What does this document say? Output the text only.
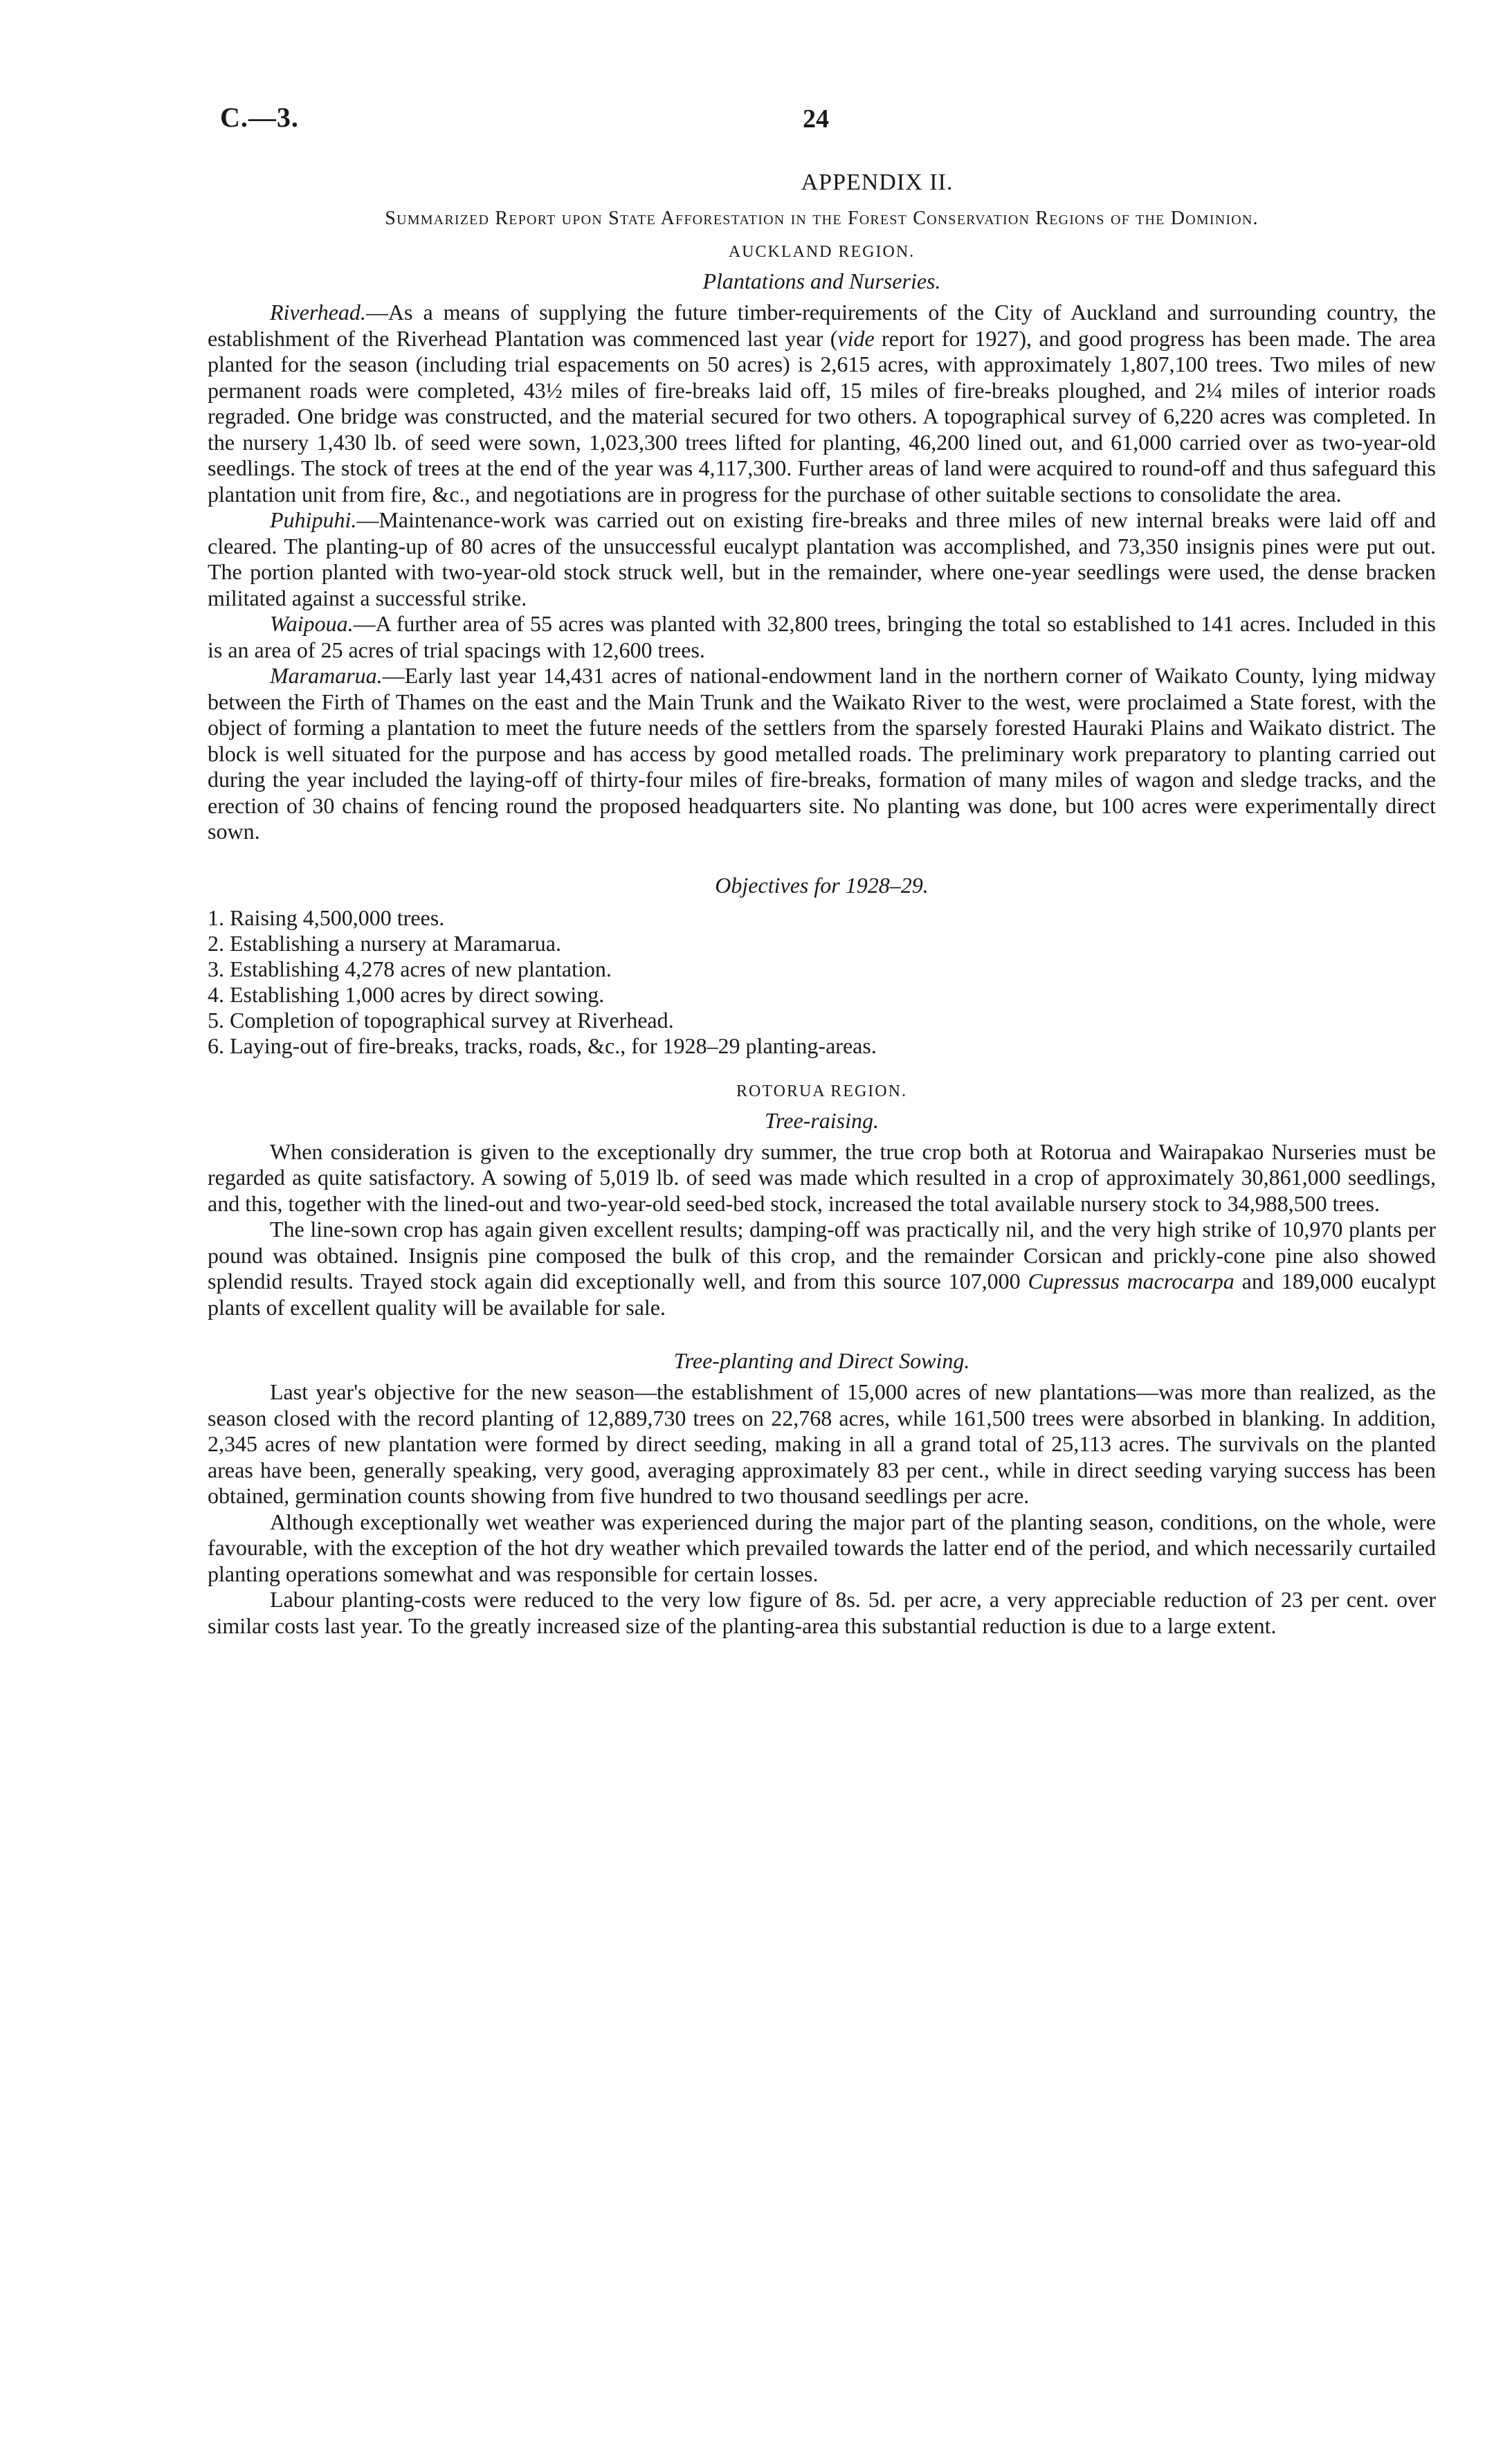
C.—3.	24
APPENDIX II.
Summarized Report upon State Afforestation in the Forest Conservation Regions of the Dominion.
AUCKLAND REGION.
Plantations and Nurseries.

Riverhead.—As a means of supplying the future timber-requirements of the City of Auckland and surrounding country, the establishment of the Riverhead Plantation was commenced last year (vide report for 1927), and good progress has been made. The area planted for the season (including trial espacements on 50 acres) is 2,615 acres, with approximately 1,807,100 trees. Two miles of new permanent roads were completed, 43½ miles of fire-breaks laid off, 15 miles of fire-breaks ploughed, and 2¼ miles of interior roads regraded. One bridge was constructed, and the material secured for two others. A topographical survey of 6,220 acres was completed. In the nursery 1,430 lb. of seed were sown, 1,023,300 trees lifted for planting, 46,200 lined out, and 61,000 carried over as two-year-old seedlings. The stock of trees at the end of the year was 4,117,300. Further areas of land were acquired to round-off and thus safeguard this plantation unit from fire, &c., and negotiations are in progress for the purchase of other suitable sections to consolidate the area.

Puhipuhi.—Maintenance-work was carried out on existing fire-breaks and three miles of new internal breaks were laid off and cleared. The planting-up of 80 acres of the unsuccessful eucalypt plantation was accomplished, and 73,350 insignis pines were put out. The portion planted with two-year-old stock struck well, but in the remainder, where one-year seedlings were used, the dense bracken militated against a successful strike.

Waipoua.—A further area of 55 acres was planted with 32,800 trees, bringing the total so established to 141 acres. Included in this is an area of 25 acres of trial spacings with 12,600 trees.

Maramarua.—Early last year 14,431 acres of national-endowment land in the northern corner of Waikato County, lying midway between the Firth of Thames on the east and the Main Trunk and the Waikato River to the west, were proclaimed a State forest, with the object of forming a plantation to meet the future needs of the settlers from the sparsely forested Hauraki Plains and Waikato district. The block is well situated for the purpose and has access by good metalled roads. The preliminary work preparatory to planting carried out during the year included the laying-off of thirty-four miles of fire-breaks, formation of many miles of wagon and sledge tracks, and the erection of 30 chains of fencing round the proposed headquarters site. No planting was done, but 100 acres were experimentally direct sown.

Objectives for 1928–29.
1. Raising 4,500,000 trees.
2. Establishing a nursery at Maramarua.
3. Establishing 4,278 acres of new plantation.
4. Establishing 1,000 acres by direct sowing.
5. Completion of topographical survey at Riverhead.
6. Laying-out of fire-breaks, tracks, roads, &c., for 1928–29 planting-areas.
ROTORUA REGION.
Tree-raising.

When consideration is given to the exceptionally dry summer, the true crop both at Rotorua and Wairapakao Nurseries must be regarded as quite satisfactory. A sowing of 5,019 lb. of seed was made which resulted in a crop of approximately 30,861,000 seedlings, and this, together with the lined-out and two-year-old seed-bed stock, increased the total available nursery stock to 34,988,500 trees.

The line-sown crop has again given excellent results; damping-off was practically nil, and the very high strike of 10,970 plants per pound was obtained. Insignis pine composed the bulk of this crop, and the remainder Corsican and prickly-cone pine also showed splendid results. Trayed stock again did exceptionally well, and from this source 107,000 Cupressus macrocarpa and 189,000 eucalypt plants of excellent quality will be available for sale.

Tree-planting and Direct Sowing.

Last year's objective for the new season—the establishment of 15,000 acres of new plantations—was more than realized, as the season closed with the record planting of 12,889,730 trees on 22,768 acres, while 161,500 trees were absorbed in blanking. In addition, 2,345 acres of new plantation were formed by direct seeding, making in all a grand total of 25,113 acres. The survivals on the planted areas have been, generally speaking, very good, averaging approximately 83 per cent., while in direct seeding varying success has been obtained, germination counts showing from five hundred to two thousand seedlings per acre.

Although exceptionally wet weather was experienced during the major part of the planting season, conditions, on the whole, were favourable, with the exception of the hot dry weather which prevailed towards the latter end of the period, and which necessarily curtailed planting operations somewhat and was responsible for certain losses.

Labour planting-costs were reduced to the very low figure of 8s. 5d. per acre, a very appreciable reduction of 23 per cent. over similar costs last year. To the greatly increased size of the planting-area this substantial reduction is due to a large extent.
